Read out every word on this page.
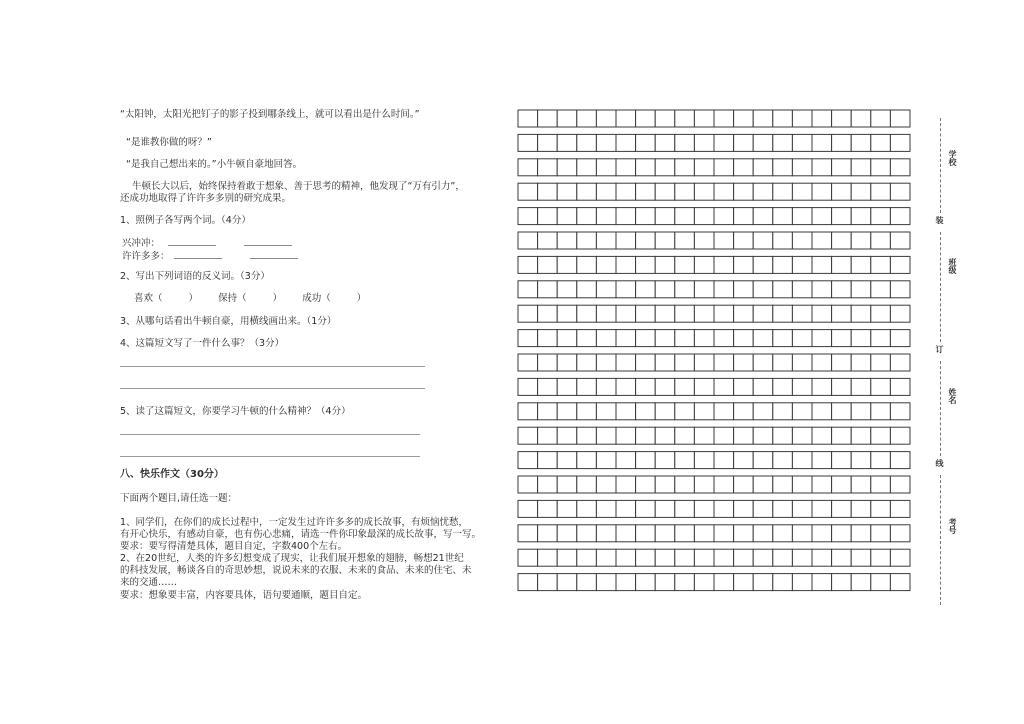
“太阳钟，太阳光把钉子的影子投到哪条线上，就可以看出是什么时间。”
“是谁教你做的呀？”
“是我自己想出来的。”小牛顿自豪地回答。
牛顿长大以后，始终保持着敢于想象、善于思考的精神，他发现了“万有引力”，
还成功地取得了许许多多别的研究成果。
1、照例子各写两个词。（4分）
兴冲冲：
许许多多：
2、写出下列词语的反义词。（3分）
喜欢（	） 保持（	） 成功（	）
3、从哪句话看出牛顿自豪，用横线画出来。（1分）
4、这篇短文写了一件什么事？（3分）
5、读了这篇短文，你要学习牛顿的什么精神？（4分）
八、快乐作文（30分）
下面两个题目,请任选一题：
1、同学们，在你们的成长过程中，一定发生过许许多多的成长故事，有烦恼忧愁，
有开心快乐，有感动自豪，也有伤心悲痛，请选一件你印象最深的成长故事，写一写。
要求：要写得清楚具体，题目自定，字数400个左右。
2、在20世纪，人类的许多幻想变成了现实，让我们展开想象的翅膀，畅想21世纪
的科技发展，畅谈各自的奇思妙想，说说未来的衣服、未来的食品、未来的住宅、未
来的交通……
要求：想象要丰富，内容要具体，语句要通顺，题目自定。
装
订
线
学校
班级
姓名
考号
